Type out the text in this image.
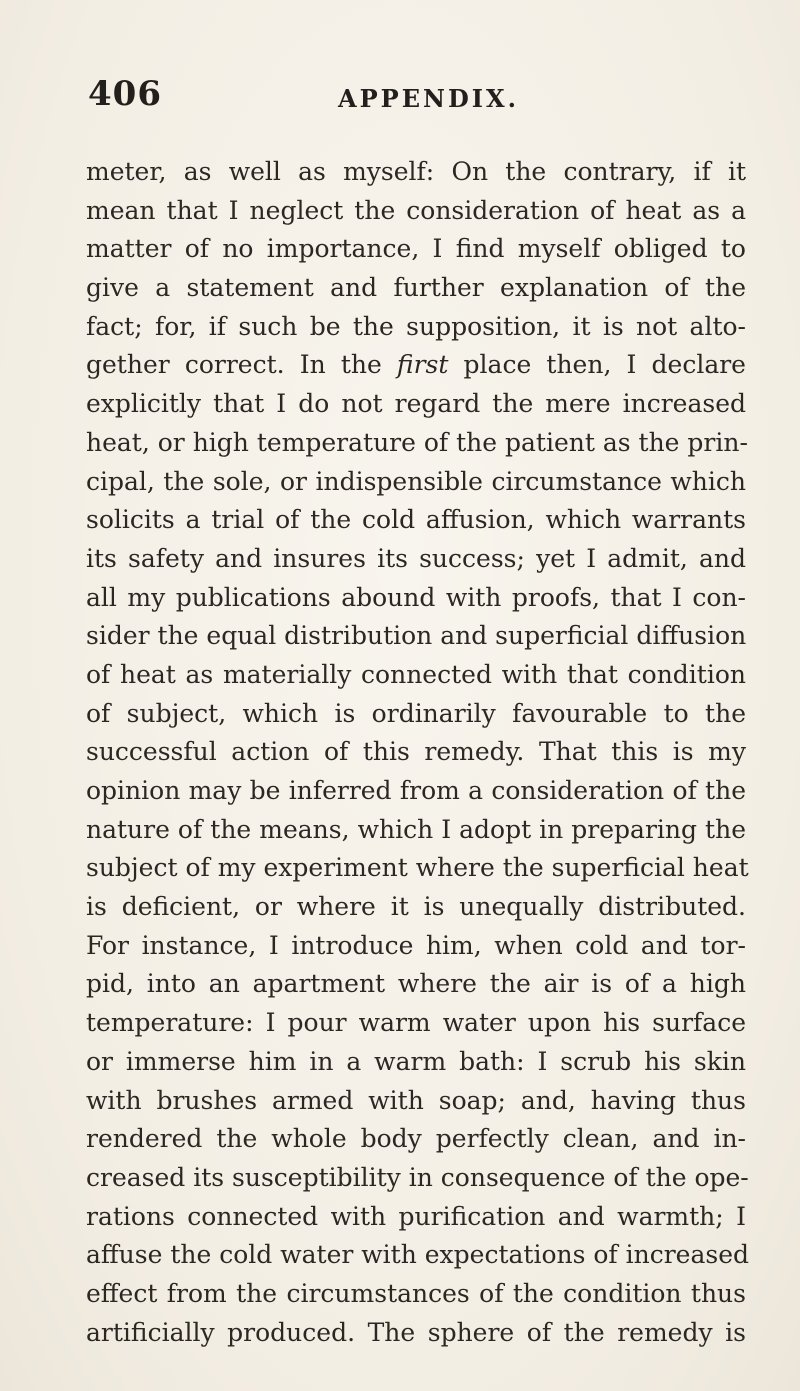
406	APPENDIX.
meter, as well as myself: On the contrary, if it
mean that I neglect the consideration of heat as a
matter of no importance, I find myself obliged to
give a statement and further explanation of the
fact; for, if such be the supposition, it is not alto-
gether correct. In the first place then, I declare
explicitly that I do not regard the mere increased
heat, or high temperature of the patient as the prin-
cipal, the sole, or indispensible circumstance which
solicits a trial of the cold affusion, which warrants
its safety and insures its success; yet I admit, and
all my publications abound with proofs, that I con-
sider the equal distribution and superficial diffusion
of heat as materially connected with that condition
of subject, which is ordinarily favourable to the
successful action of this remedy. That this is my
opinion may be inferred from a consideration of the
nature of the means, which I adopt in preparing the
subject of my experiment where the superficial heat
is deficient, or where it is unequally distributed.
For instance, I introduce him, when cold and tor-
pid, into an apartment where the air is of a high
temperature: I pour warm water upon his surface
or immerse him in a warm bath: I scrub his skin
with brushes armed with soap; and, having thus
rendered the whole body perfectly clean, and in-
creased its susceptibility in consequence of the ope-
rations connected with purification and warmth; I
affuse the cold water with expectations of increased
effect from the circumstances of the condition thus
artificially produced. The sphere of the remedy is
